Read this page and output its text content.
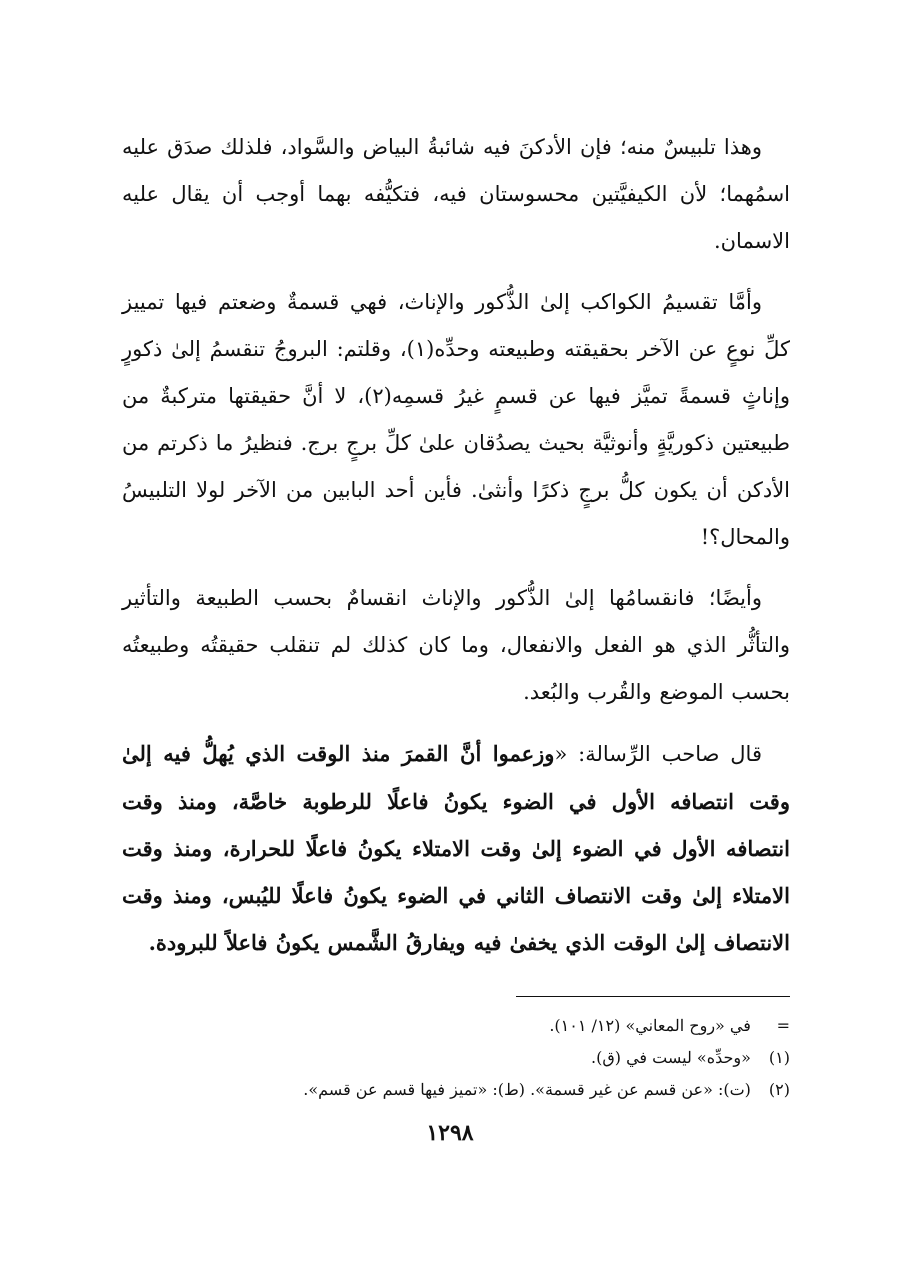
وهذا تلبيسٌ منه؛ فإن الأدكنَ فيه شائبةُ البياض والسَّواد، فلذلك صدَق عليه اسمُهما؛ لأن الكيفيَّتين محسوستان فيه، فتكيُّفه بهما أوجب أن يقال عليه الاسمان.

وأمَّا تقسيمُ الكواكب إلىٰ الذُّكور والإناث، فهي قسمةٌ وضعتم فيها تمييز كلِّ نوعٍ عن الآخر بحقيقته وطبيعته وحدِّه(١)، وقلتم: البروجُ تنقسمُ إلىٰ ذكورٍ وإناثٍ قسمةً تميَّز فيها عن قسمٍ غيرُ قسمِه(٢)، لا أنَّ حقيقتها متركبةٌ من طبيعتين ذكوريَّةٍ وأنوثيَّة بحيث يصدُقان علىٰ كلِّ برجٍ برج. فنظيرُ ما ذكرتم من الأدكن أن يكون كلُّ برجٍ ذكرًا وأنثىٰ. فأين أحد البابين من الآخر لولا التلبيسُ والمحال؟!

وأيضًا؛ فانقسامُها إلىٰ الذُّكور والإناث انقسامٌ بحسب الطبيعة والتأثير والتأثُّر الذي هو الفعل والانفعال، وما كان كذلك لم تنقلب حقيقتُه وطبيعتُه بحسب الموضع والقُرب والبُعد.

قال صاحب الرِّسالة: «وزعموا أنَّ القمرَ منذ الوقت الذي يُهلُّ فيه إلىٰ وقت انتصافه الأول في الضوء يكونُ فاعلًا للرطوبة خاصَّة، ومنذ وقت انتصافه الأول في الضوء إلىٰ وقت الامتلاء يكونُ فاعلًا للحرارة، ومنذ وقت الامتلاء إلىٰ وقت الانتصاف الثاني في الضوء يكونُ فاعلًا لليُبس، ومنذ وقت الانتصاف إلىٰ الوقت الذي يخفىٰ فيه ويفارقُ الشَّمس يكونُ فاعلاً للبرودة.

= في «روح المعاني» (١٢/ ١٠١).

(١) «وحدِّه» ليست في (ق).

(٢) (ت): «عن قسم عن غير قسمة». (ط): «تميز فيها قسم عن قسم».

١٢٩٨
